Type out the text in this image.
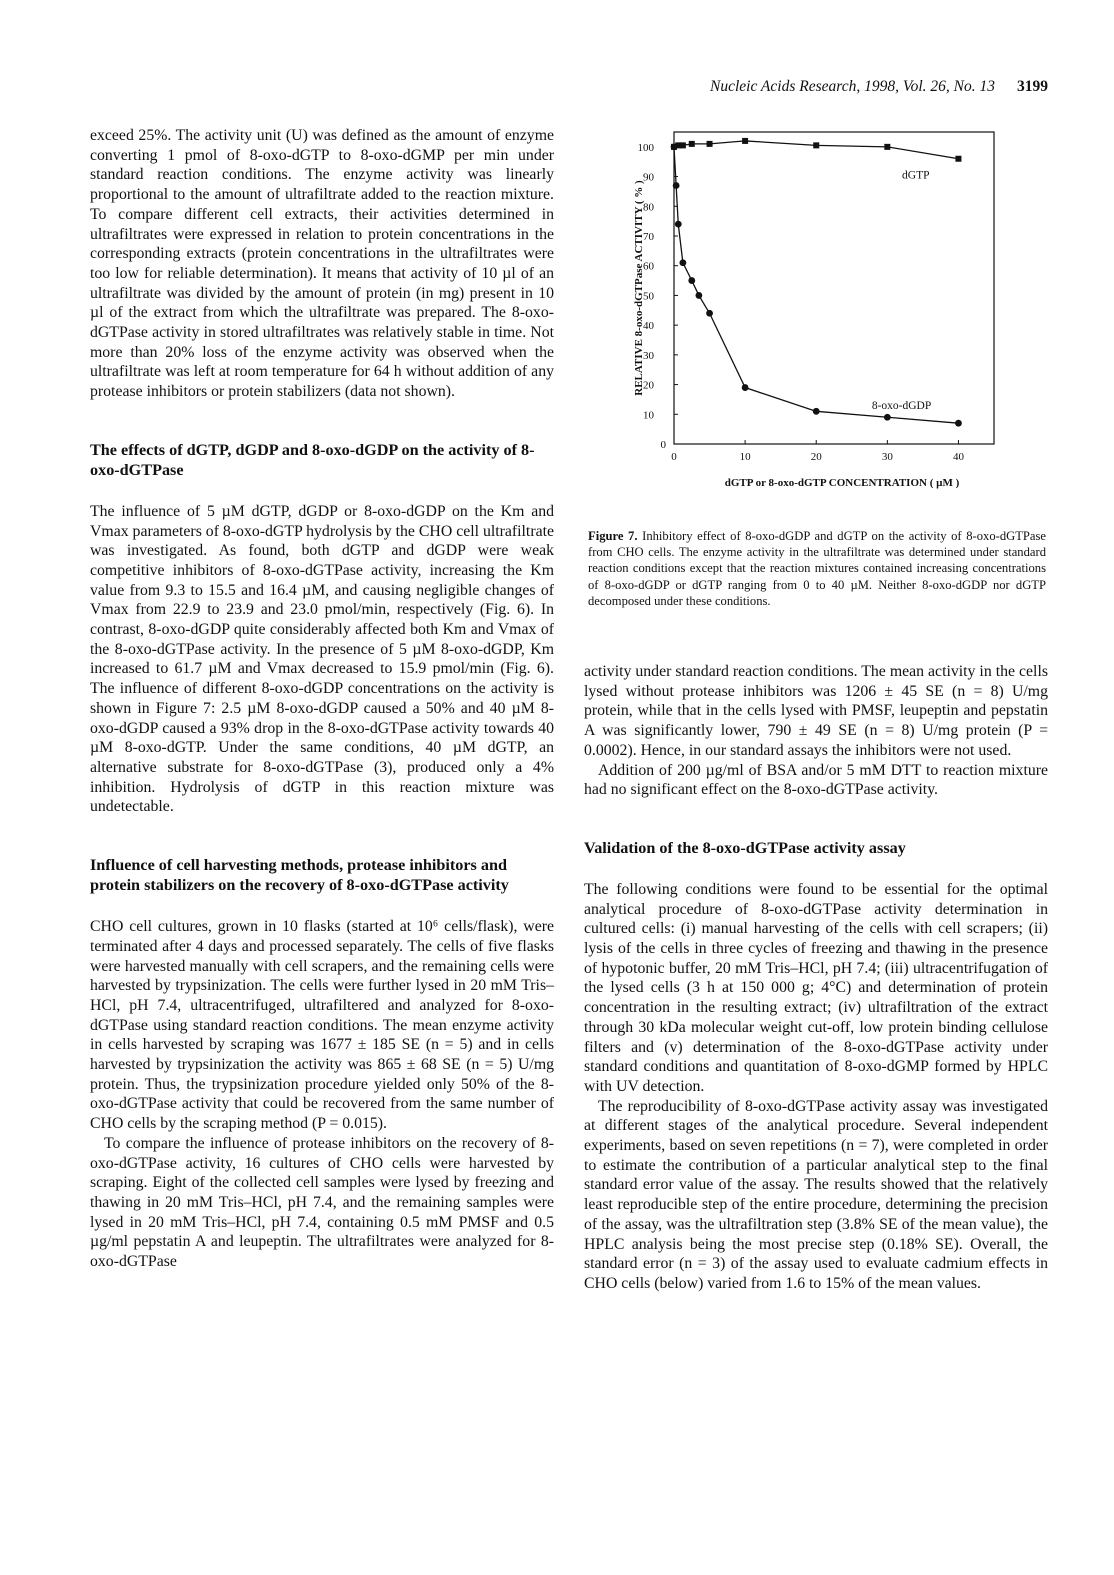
Nucleic Acids Research, 1998, Vol. 26, No. 13 3199

exceed 25%. The activity unit (U) was defined as the amount of enzyme converting 1 pmol of 8-oxo-dGTP to 8-oxo-dGMP per min under standard reaction conditions. The enzyme activity was linearly proportional to the amount of ultrafiltrate added to the reaction mixture. To compare different cell extracts, their activities determined in ultrafiltrates were expressed in relation to protein concentrations in the corresponding extracts (protein concentrations in the ultrafiltrates were too low for reliable determination). It means that activity of 10 µl of an ultrafiltrate was divided by the amount of protein (in mg) present in 10 µl of the extract from which the ultrafiltrate was prepared. The 8-oxo-dGTPase activity in stored ultrafiltrates was relatively stable in time. Not more than 20% loss of the enzyme activity was observed when the ultrafiltrate was left at room temperature for 64 h without addition of any protease inhibitors or protein stabilizers (data not shown).

The effects of dGTP, dGDP and 8-oxo-dGDP on the activity of 8-oxo-dGTPase

The influence of 5 µM dGTP, dGDP or 8-oxo-dGDP on the Km and Vmax parameters of 8-oxo-dGTP hydrolysis by the CHO cell ultrafiltrate was investigated. As found, both dGTP and dGDP were weak competitive inhibitors of 8-oxo-dGTPase activity, increasing the Km value from 9.3 to 15.5 and 16.4 µM, and causing negligible changes of Vmax from 22.9 to 23.9 and 23.0 pmol/min, respectively (Fig. 6). In contrast, 8-oxo-dGDP quite considerably affected both Km and Vmax of the 8-oxo-dGTPase activity. In the presence of 5 µM 8-oxo-dGDP, Km increased to 61.7 µM and Vmax decreased to 15.9 pmol/min (Fig. 6). The influence of different 8-oxo-dGDP concentrations on the activity is shown in Figure 7: 2.5 µM 8-oxo-dGDP caused a 50% and 40 µM 8-oxo-dGDP caused a 93% drop in the 8-oxo-dGTPase activity towards 40 µM 8-oxo-dGTP. Under the same conditions, 40 µM dGTP, an alternative substrate for 8-oxo-dGTPase (3), produced only a 4% inhibition. Hydrolysis of dGTP in this reaction mixture was undetectable.

Influence of cell harvesting methods, protease inhibitors and protein stabilizers on the recovery of 8-oxo-dGTPase activity

CHO cell cultures, grown in 10 flasks (started at 10⁶ cells/flask), were terminated after 4 days and processed separately. The cells of five flasks were harvested manually with cell scrapers, and the remaining cells were harvested by trypsinization. The cells were further lysed in 20 mM Tris–HCl, pH 7.4, ultracentrifuged, ultrafiltered and analyzed for 8-oxo-dGTPase using standard reaction conditions. The mean enzyme activity in cells harvested by scraping was 1677 ± 185 SE (n = 5) and in cells harvested by trypsinization the activity was 865 ± 68 SE (n = 5) U/mg protein. Thus, the trypsinization procedure yielded only 50% of the 8-oxo-dGTPase activity that could be recovered from the same number of CHO cells by the scraping method (P = 0.015).

To compare the influence of protease inhibitors on the recovery of 8-oxo-dGTPase activity, 16 cultures of CHO cells were harvested by scraping. Eight of the collected cell samples were lysed by freezing and thawing in 20 mM Tris–HCl, pH 7.4, and the remaining samples were lysed in 20 mM Tris–HCl, pH 7.4, containing 0.5 mM PMSF and 0.5 µg/ml pepstatin A and leupeptin. The ultrafiltrates were analyzed for 8-oxo-dGTPase

10
20
30
40
50
60
70
80
90
100
0
0	10	20	30	40
dGTP or 8-oxo-dGTP CONCENTRATION ( µM )
RELATIVE 8-oxo-dGTPase ACTIVITY ( % )
dGTP
8-oxo-dGDP
Figure 7. Inhibitory effect of 8-oxo-dGDP and dGTP on the activity of 8-oxo-dGTPase from CHO cells. The enzyme activity in the ultrafiltrate was determined under standard reaction conditions except that the reaction mixtures contained increasing concentrations of 8-oxo-dGDP or dGTP ranging from 0 to 40 µM. Neither 8-oxo-dGDP nor dGTP decomposed under these conditions.

activity under standard reaction conditions. The mean activity in the cells lysed without protease inhibitors was 1206 ± 45 SE (n = 8) U/mg protein, while that in the cells lysed with PMSF, leupeptin and pepstatin A was significantly lower, 790 ± 49 SE (n = 8) U/mg protein (P = 0.0002). Hence, in our standard assays the inhibitors were not used.

Addition of 200 µg/ml of BSA and/or 5 mM DTT to reaction mixture had no significant effect on the 8-oxo-dGTPase activity.

Validation of the 8-oxo-dGTPase activity assay

The following conditions were found to be essential for the optimal analytical procedure of 8-oxo-dGTPase activity determination in cultured cells: (i) manual harvesting of the cells with cell scrapers; (ii) lysis of the cells in three cycles of freezing and thawing in the presence of hypotonic buffer, 20 mM Tris–HCl, pH 7.4; (iii) ultracentrifugation of the lysed cells (3 h at 150 000 g; 4°C) and determination of protein concentration in the resulting extract; (iv) ultrafiltration of the extract through 30 kDa molecular weight cut-off, low protein binding cellulose filters and (v) determination of the 8-oxo-dGTPase activity under standard conditions and quantitation of 8-oxo-dGMP formed by HPLC with UV detection.

The reproducibility of 8-oxo-dGTPase activity assay was investigated at different stages of the analytical procedure. Several independent experiments, based on seven repetitions (n = 7), were completed in order to estimate the contribution of a particular analytical step to the final standard error value of the assay. The results showed that the relatively least reproducible step of the entire procedure, determining the precision of the assay, was the ultrafiltration step (3.8% SE of the mean value), the HPLC analysis being the most precise step (0.18% SE). Overall, the standard error (n = 3) of the assay used to evaluate cadmium effects in CHO cells (below) varied from 1.6 to 15% of the mean values.
